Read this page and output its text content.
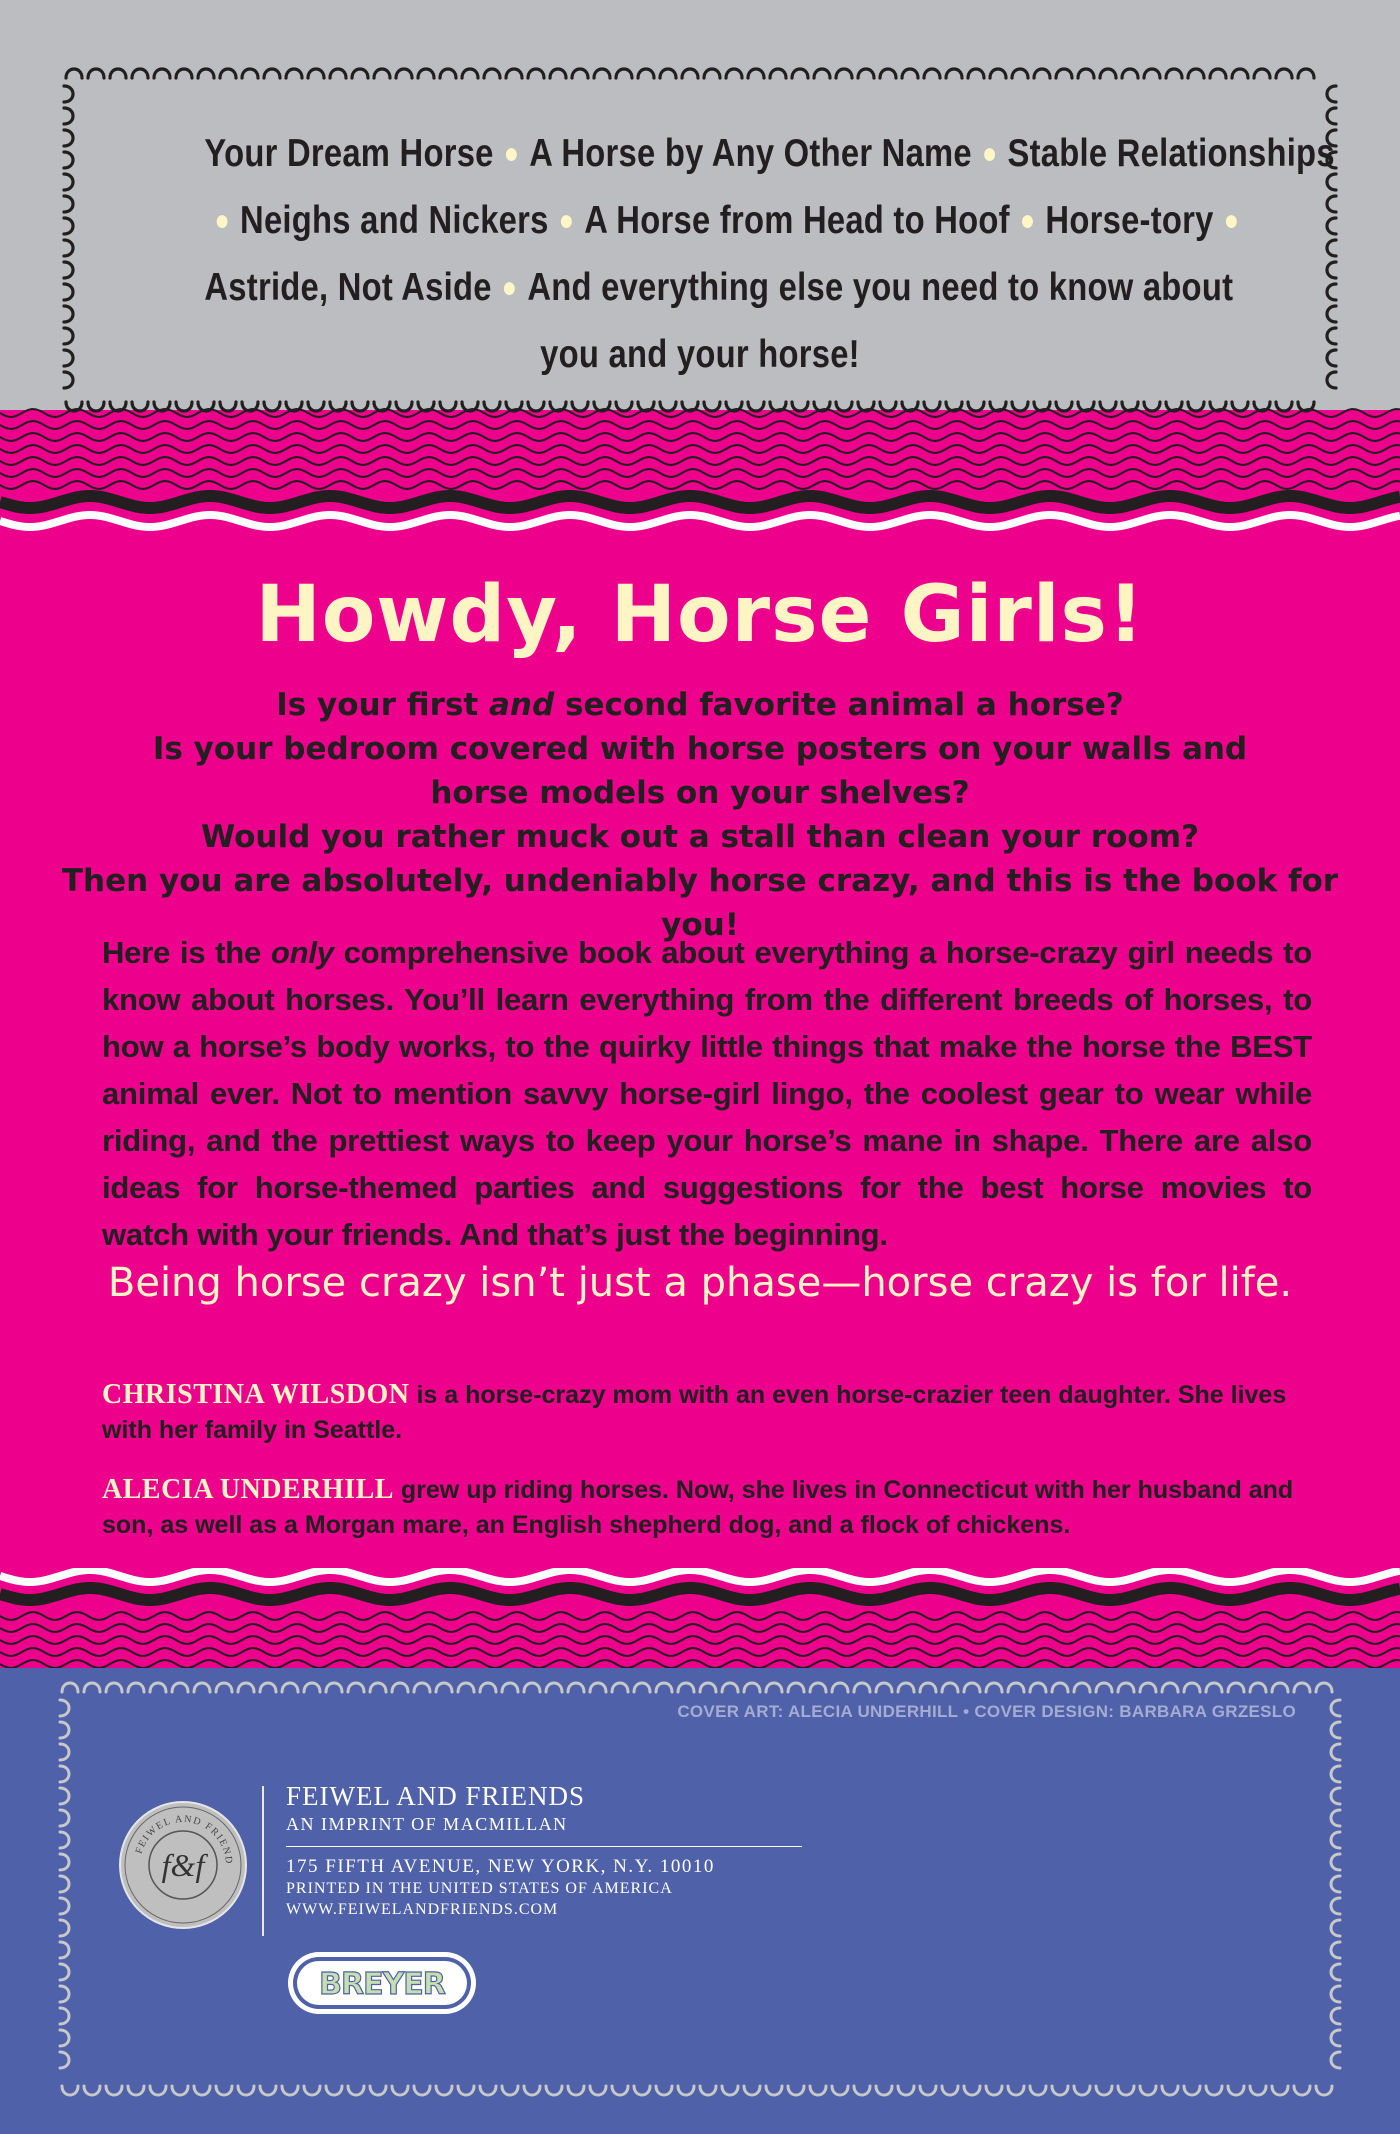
Your Dream Horse ● A Horse by Any Other Name ● Stable Relationships
● Neighs and Nickers ● A Horse from Head to Hoof ● Horse-tory ●
Astride, Not Aside ● And everything else you need to know about
you and your horse!
Howdy, Horse Girls!
Is your first and second favorite animal a horse?
Is your bedroom covered with horse posters on your walls and
horse models on your shelves?
Would you rather muck out a stall than clean your room?
Then you are absolutely, undeniably horse crazy, and this is the book for you!
Here is the only comprehensive book about everything a horse-crazy girl needs to know about horses. You’ll learn everything from the different breeds of horses, to how a horse’s body works, to the quirky little things that make the horse the BEST animal ever. Not to mention savvy horse-girl lingo, the coolest gear to wear while riding, and the prettiest ways to keep your horse’s mane in shape. There are also ideas for horse-themed parties and suggestions for the best horse movies to watch with your friends. And that’s just the beginning.
Being horse crazy isn’t just a phase—horse crazy is for life.
CHRISTINA WILSDON is a horse-crazy mom with an even horse-crazier teen daughter. She lives with her family in Seattle.
ALECIA UNDERHILL grew up riding horses. Now, she lives in Connecticut with her husband and son, as well as a Morgan mare, an English shepherd dog, and a flock of chickens.
COVER ART: ALECIA UNDERHILL • COVER DESIGN: BARBARA GRZESLO
FEIWEL AND FRIEND
f&f
FEIWEL AND FRIENDS
AN IMPRINT OF MACMILLAN
175 FIFTH AVENUE, NEW YORK, N.Y. 10010
PRINTED IN THE UNITED STATES OF AMERICA
WWW.FEIWELANDFRIENDS.COM
BREYER
